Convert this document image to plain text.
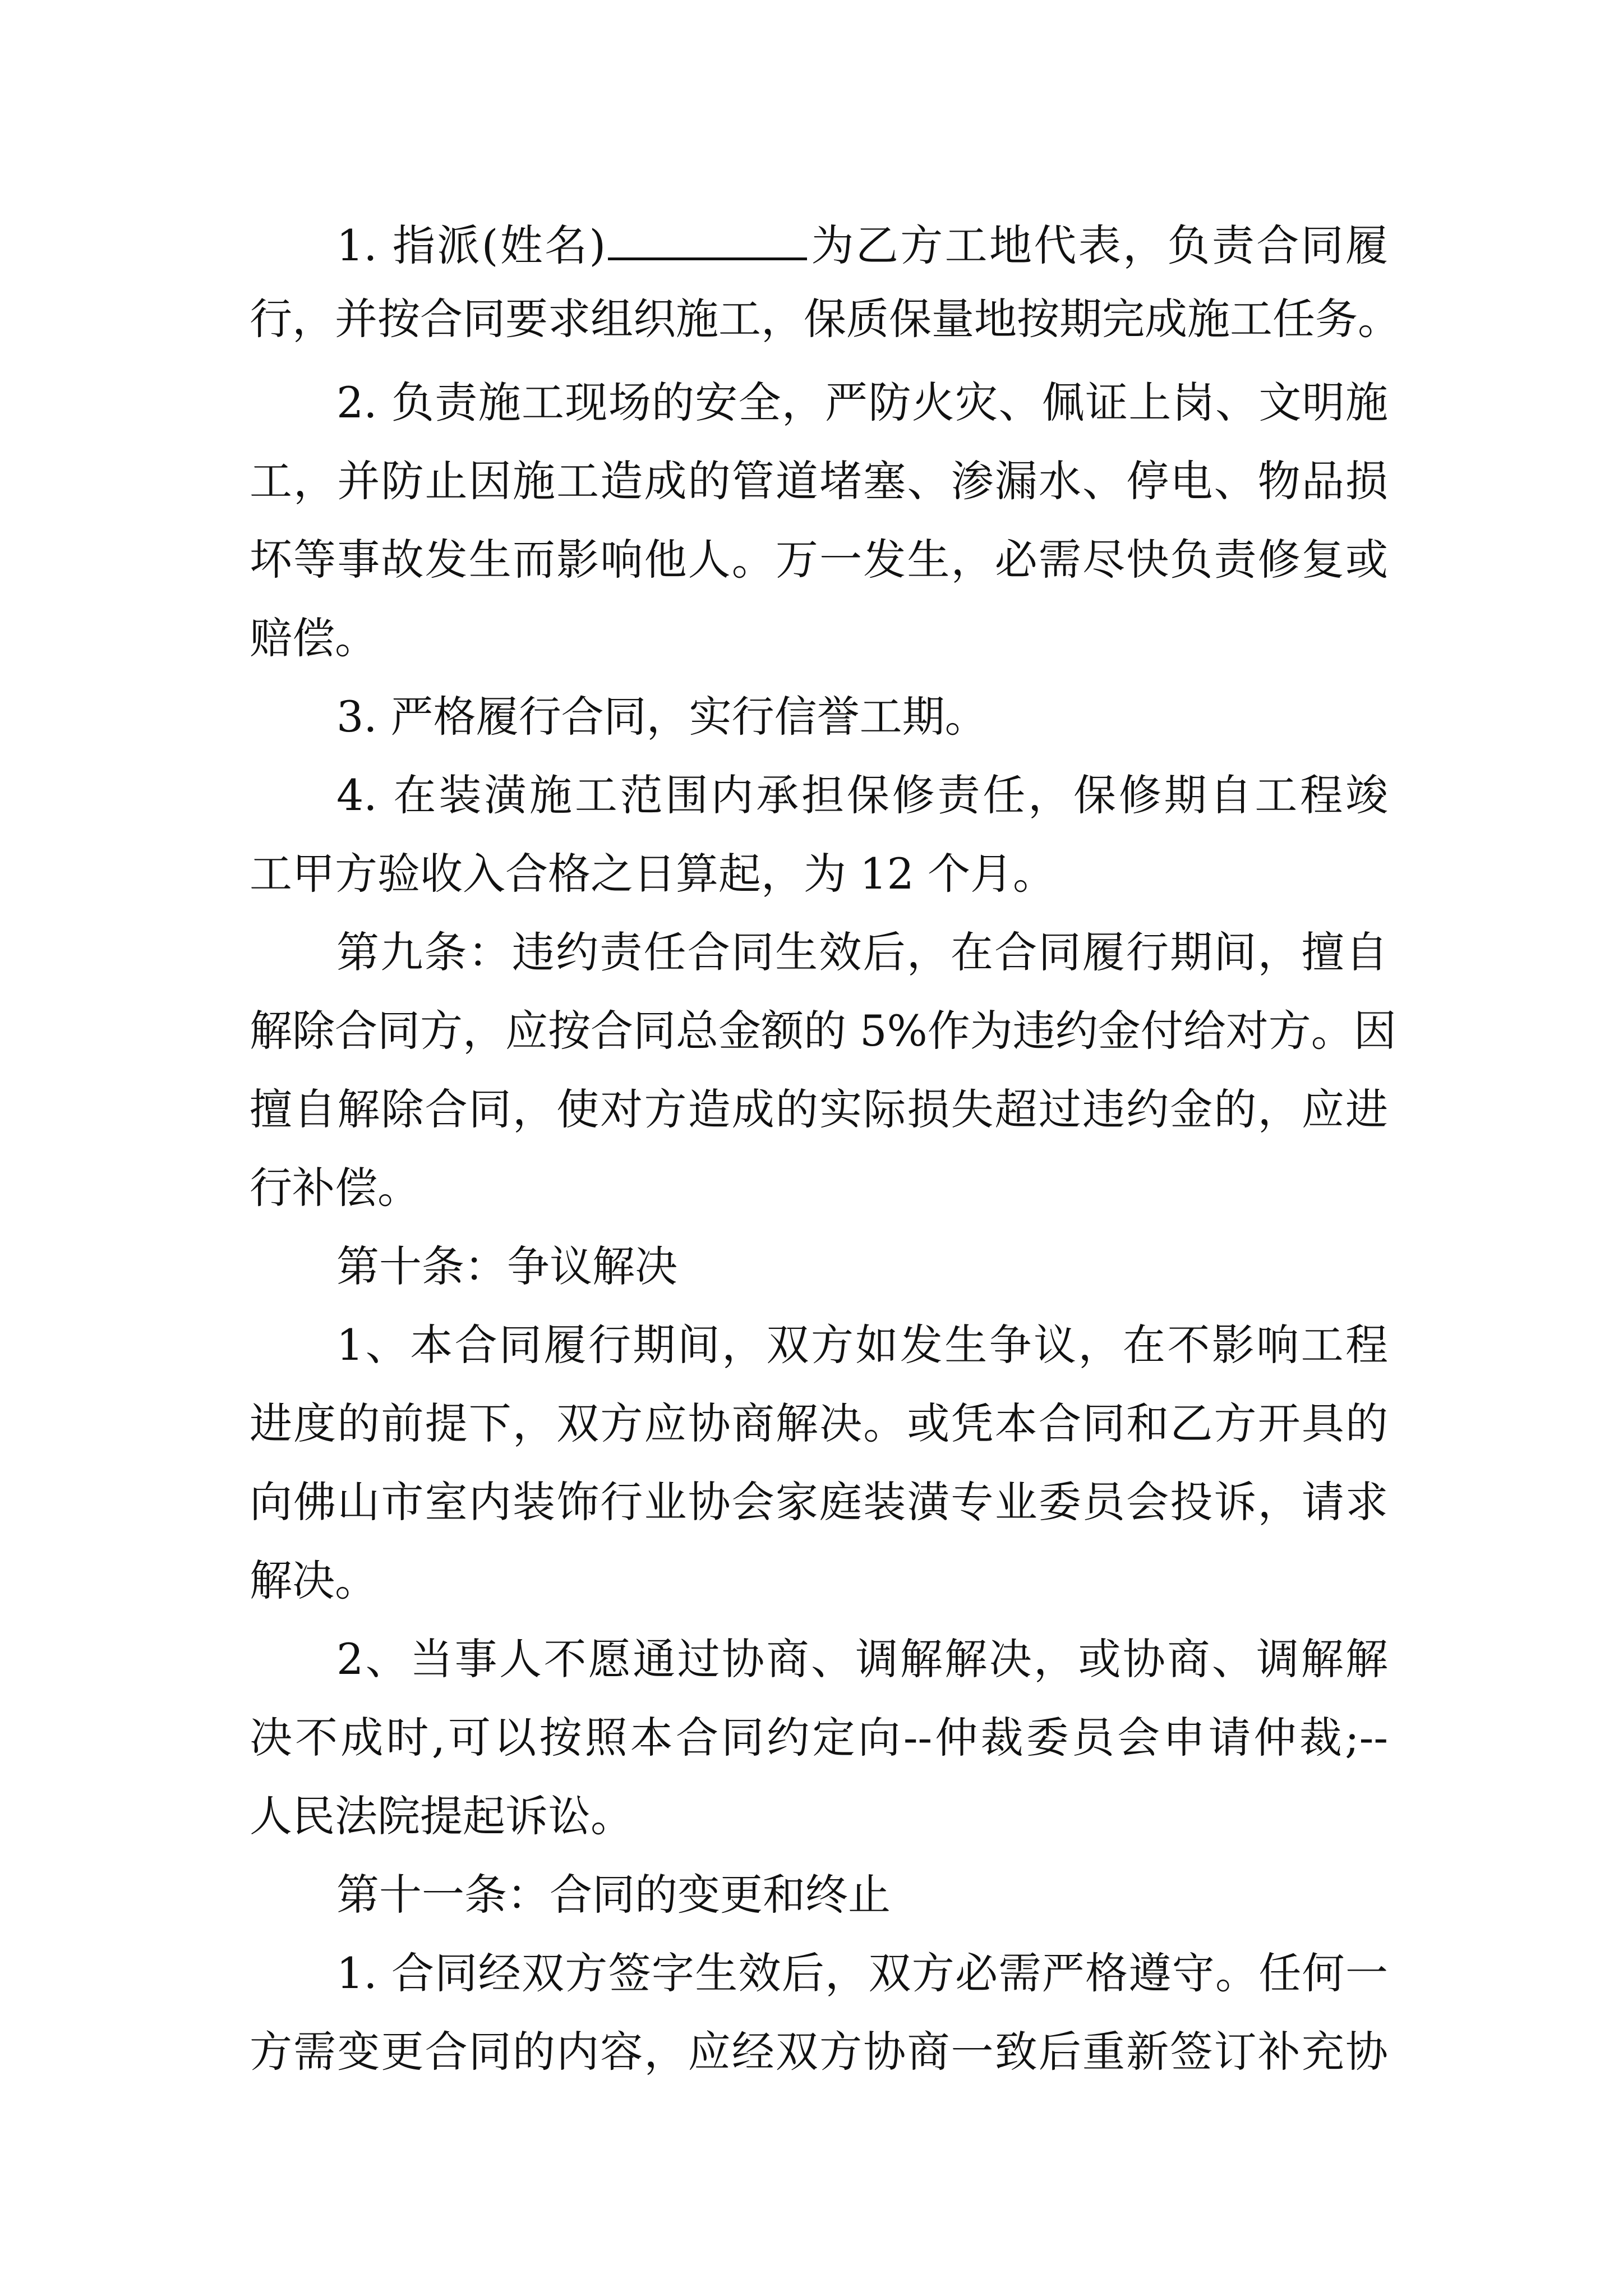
1. 指派(姓名)	为乙方工地代表，负责合同履
行，并按合同要求组织施工，保质保量地按期完成施工任务。
2. 负责施工现场的安全，严防火灾、佩证上岗、文明施
工，并防止因施工造成的管道堵塞、渗漏水、停电、物品损
坏等事故发生而影响他人。万一发生，必需尽快负责修复或
赔偿。
3. 严格履行合同，实行信誉工期。
4. 在装潢施工范围内承担保修责任，保修期自工程竣
工甲方验收入合格之日算起，为 12 个月。
第九条：违约责任合同生效后，在合同履行期间，擅自
解除合同方，应按合同总金额的 5%作为违约金付给对方。因
擅自解除合同，使对方造成的实际损失超过违约金的，应进
行补偿。
第十条：争议解决
1、本合同履行期间，双方如发生争议，在不影响工程
进度的前提下，双方应协商解决。或凭本合同和乙方开具的
向佛山市室内装饰行业协会家庭装潢专业委员会投诉，请求
解决。
2、当事人不愿通过协商、调解解决，或协商、调解解
决不成时,可以按照本合同约定向--仲裁委员会申请仲裁;--
人民法院提起诉讼。
第十一条：合同的变更和终止
1. 合同经双方签字生效后，双方必需严格遵守。任何一
方需变更合同的内容，应经双方协商一致后重新签订补充协
